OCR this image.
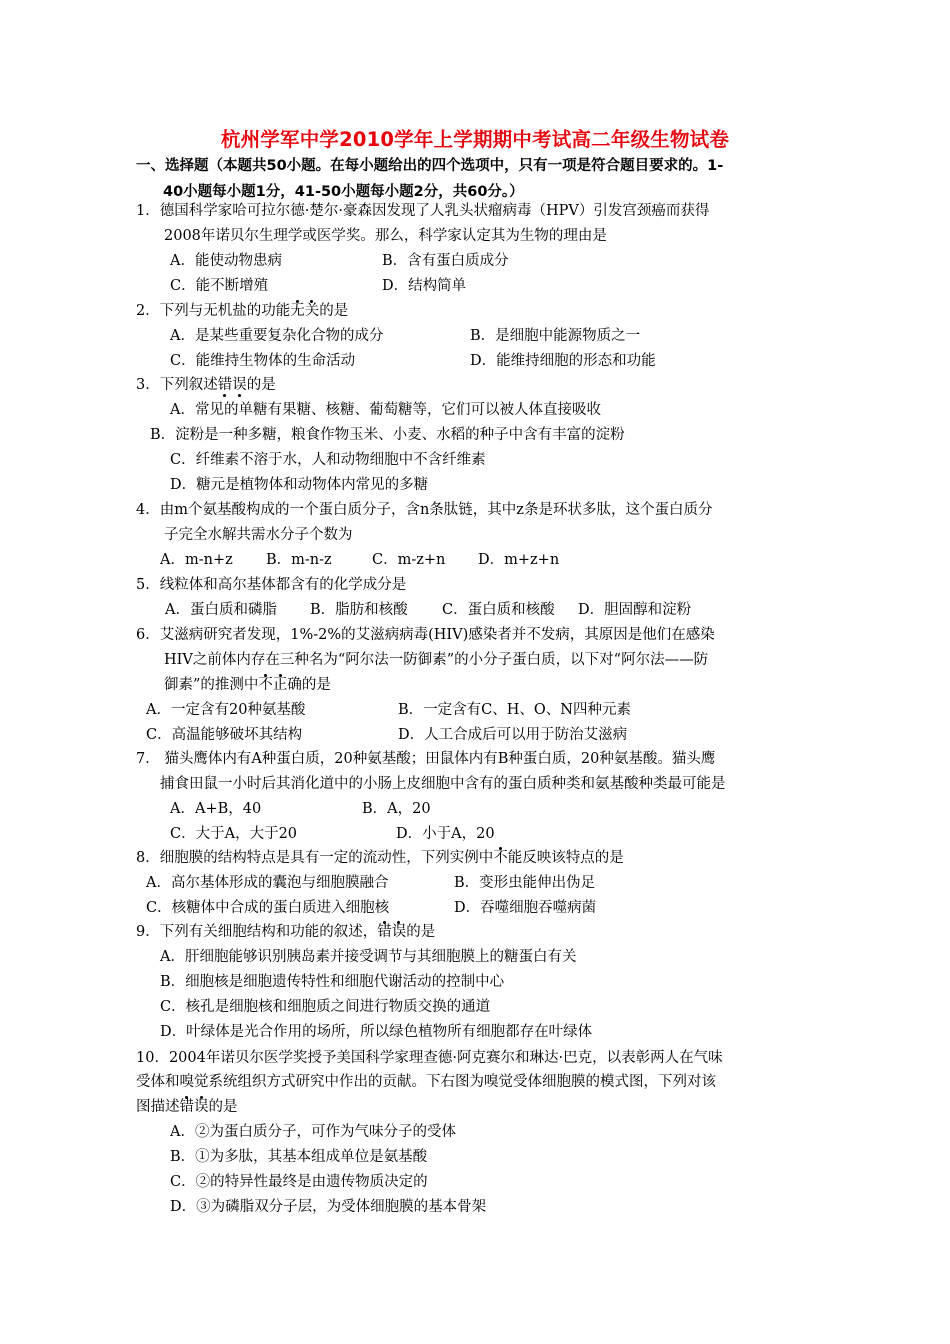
杭州学军中学2010学年上学期期中考试高二年级生物试卷
一、选择题（本题共50小题。在每小题给出的四个选项中，只有一项是符合题目要求的。1-
40小题每小题1分，41-50小题每小题2分，共60分。）
1．德国科学家哈可拉尔德·楚尔·豪森因发现了人乳头状瘤病毒（HPV）引发宫颈癌而获得
2008年诺贝尔生理学或医学奖。那么，科学家认定其为生物的理由是
A．能使动物患病	B．含有蛋白质成分
C．能不断增殖	D．结构简单
2．下列与无机盐的功能无关的是
A．是某些重要复杂化合物的成分	B．是细胞中能源物质之一
C．能维持生物体的生命活动	D．能维持细胞的形态和功能
3．下列叙述错误的是
A．常见的单糖有果糖、核糖、葡萄糖等，它们可以被人体直接吸收
B．淀粉是一种多糖，粮食作物玉米、小麦、水稻的种子中含有丰富的淀粉
C．纤维素不溶于水，人和动物细胞中不含纤维素
D．糖元是植物体和动物体内常见的多糖
4．由m个氨基酸构成的一个蛋白质分子，含n条肽链，其中z条是环状多肽，这个蛋白质分
子完全水解共需水分子个数为
A．m-n+z B．m-n-z	C．m-z+n D．m+z+n
5．线粒体和高尔基体都含有的化学成分是
A．蛋白质和磷脂 B．脂肪和核酸 C．蛋白质和核酸 D．胆固醇和淀粉
6．艾滋病研究者发现，1%-2%的艾滋病病毒(HIV)感染者并不发病，其原因是他们在感染
HIV之前体内存在三种名为“阿尔法一防御素”的小分子蛋白质，以下对“阿尔法——防
御素”的推测中不正确的是
A．一定含有20种氨基酸	B．一定含有C、H、O、N四种元素
C．高温能够破坏其结构	D．人工合成后可以用于防治艾滋病
7． 猫头鹰体内有A种蛋白质，20种氨基酸；田鼠体内有B种蛋白质，20种氨基酸。猫头鹰
捕食田鼠一小时后其消化道中的小肠上皮细胞中含有的蛋白质种类和氨基酸种类最可能是
A．A+B，40	B．A，20
C．大于A，大于20	D．小于A，20
8．细胞膜的结构特点是具有一定的流动性，下列实例中不能反映该特点的是
A．高尔基体形成的囊泡与细胞膜融合	B．变形虫能伸出伪足
C．核糖体中合成的蛋白质进入细胞核	D．吞噬细胞吞噬病菌
9．下列有关细胞结构和功能的叙述，错误的是
A．肝细胞能够识别胰岛素并接受调节与其细胞膜上的糖蛋白有关
B．细胞核是细胞遗传特性和细胞代谢活动的控制中心
C．核孔是细胞核和细胞质之间进行物质交换的通道
D．叶绿体是光合作用的场所，所以绿色植物所有细胞都存在叶绿体
10．2004年诺贝尔医学奖授予美国科学家理查德·阿克赛尔和琳达·巴克，以表彰两人在气味
受体和嗅觉系统组织方式研究中作出的贡献。下右图为嗅觉受体细胞膜的模式图，下列对该
图描述错误的是
A．②为蛋白质分子，可作为气味分子的受体
B．①为多肽，其基本组成单位是氨基酸
C．②的特异性最终是由遗传物质决定的
D．③为磷脂双分子层，为受体细胞膜的基本骨架
